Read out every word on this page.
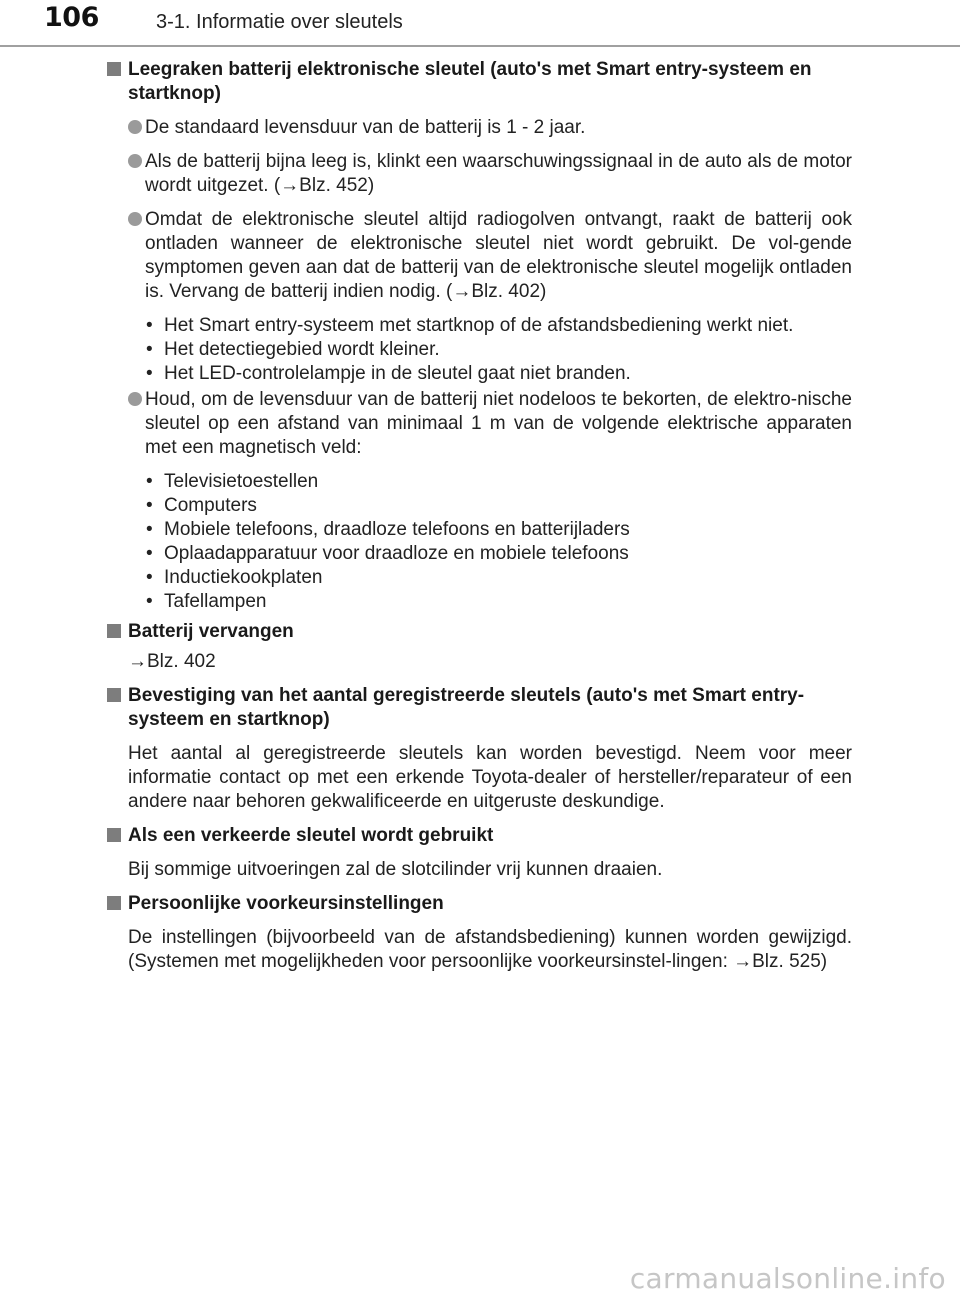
106	3-1. Informatie over sleutels
Leegraken batterij elektronische sleutel (auto's met Smart entry-systeem en startknop)
De standaard levensduur van de batterij is 1 - 2 jaar.
Als de batterij bijna leeg is, klinkt een waarschuwingssignaal in de auto als de motor wordt uitgezet. (→Blz. 452)
Omdat de elektronische sleutel altijd radiogolven ontvangt, raakt de batterij ook ontladen wanneer de elektronische sleutel niet wordt gebruikt. De vol-gende symptomen geven aan dat de batterij van de elektronische sleutel mogelijk ontladen is. Vervang de batterij indien nodig. (→Blz. 402)
• Het Smart entry-systeem met startknop of de afstandsbediening werkt niet.
• Het detectiegebied wordt kleiner.
• Het LED-controlelampje in de sleutel gaat niet branden.
Houd, om de levensduur van de batterij niet nodeloos te bekorten, de elektro-nische sleutel op een afstand van minimaal 1 m van de volgende elektrische apparaten met een magnetisch veld:
• Televisietoestellen
• Computers
• Mobiele telefoons, draadloze telefoons en batterijladers
• Oplaadapparatuur voor draadloze en mobiele telefoons
• Inductiekookplaten
• Tafellampen
Batterij vervangen
→Blz. 402
Bevestiging van het aantal geregistreerde sleutels (auto's met Smart entry-systeem en startknop)
Het aantal al geregistreerde sleutels kan worden bevestigd. Neem voor meer informatie contact op met een erkende Toyota-dealer of hersteller/reparateur of een andere naar behoren gekwalificeerde en uitgeruste deskundige.
Als een verkeerde sleutel wordt gebruikt
Bij sommige uitvoeringen zal de slotcilinder vrij kunnen draaien.
Persoonlijke voorkeursinstellingen
De instellingen (bijvoorbeeld van de afstandsbediening) kunnen worden gewijzigd. (Systemen met mogelijkheden voor persoonlijke voorkeursinstel-lingen: →Blz. 525)
carmanualsonline.info
